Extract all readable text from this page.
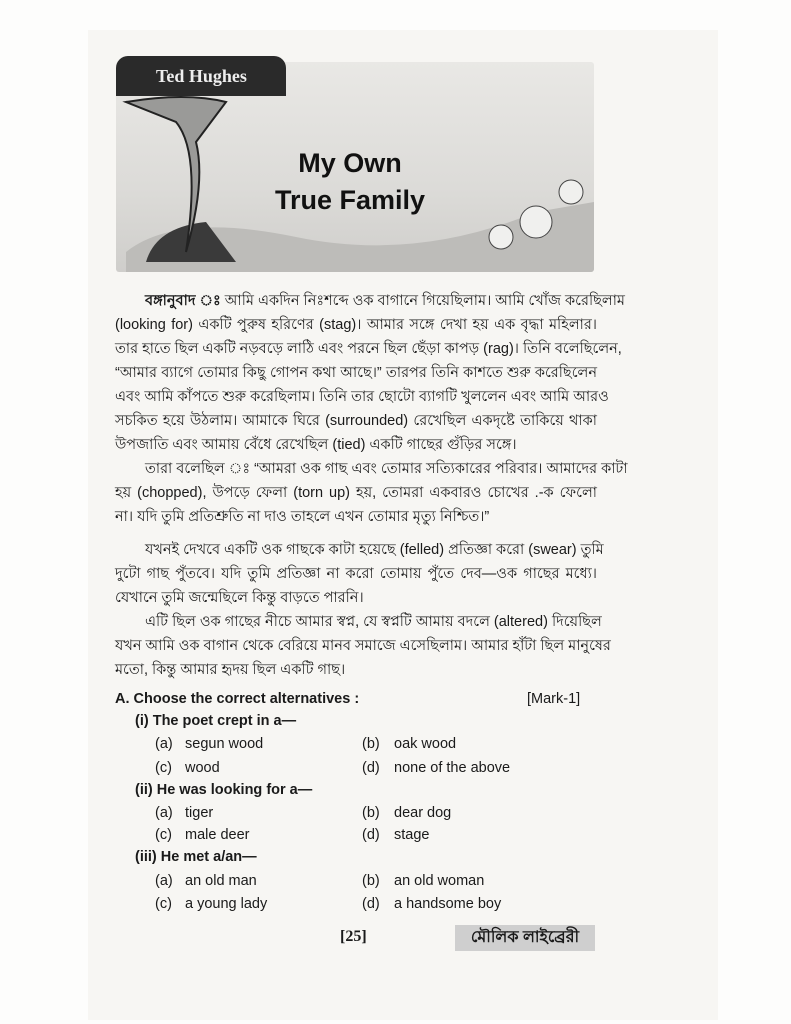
Ted Hughes
My Own
True Family
বঙ্গানুবাদ ঃ আমি একদিন নিঃশব্দে ওক বাগানে গিয়েছিলাম। আমি খোঁজ করেছিলাম
(looking for) একটি পুরুষ হরিণের (stag)। আমার সঙ্গে দেখা হয় এক বৃদ্ধা মহিলার।
তার হাতে ছিল একটি নড়বড়ে লাঠি এবং পরনে ছিল ছেঁড়া কাপড় (rag)। তিনি বলেছিলেন,
“আমার ব্যাগে তোমার কিছু গোপন কথা আছে।” তারপর তিনি কাশতে শুরু করেছিলেন
এবং আমি কাঁপতে শুরু করেছিলাম। তিনি তার ছোটো ব্যাগটি খুললেন এবং আমি আরও
সচকিত হয়ে উঠলাম। আমাকে ঘিরে (surrounded) রেখেছিল একদৃষ্টে তাকিয়ে থাকা
উপজাতি এবং আমায় বেঁধে রেখেছিল (tied) একটি গাছের গুঁড়ির সঙ্গে।
তারা বলেছিল ঃ “আমরা ওক গাছ এবং তোমার সত্যিকারের পরিবার। আমাদের কাটা
হয় (chopped), উপড়ে ফেলা (torn up) হয়, তোমরা একবারও চোখের .-ক ফেলো
না। যদি তুমি প্রতিশ্রুতি না দাও তাহলে এখন তোমার মৃত্যু নিশ্চিত।”
যখনই দেখবে একটি ওক গাছকে কাটা হয়েছে (felled) প্রতিজ্ঞা করো (swear) তুমি
দুটো গাছ পুঁতবে। যদি তুমি প্রতিজ্ঞা না করো তোমায় পুঁতে দেব—ওক গাছের মধ্যে।
যেখানে তুমি জন্মেছিলে কিন্তু বাড়তে পারনি।
এটি ছিল ওক গাছের নীচে আমার স্বপ্ন, যে স্বপ্নটি আমায় বদলে (altered) দিয়েছিল
যখন আমি ওক বাগান থেকে বেরিয়ে মানব সমাজে এসেছিলাম। আমার হাঁটা ছিল মানুষের
মতো, কিন্তু আমার হৃদয় ছিল একটি গাছ।
A. Choose the correct alternatives :	[Mark-1]
(i) The poet crept in a—
(a) segun wood	(b) oak wood
(c) wood	(d) none of the above
(ii) He was looking for a—
(a) tiger	(b) dear dog
(c) male deer	(d) stage
(iii) He met a/an—
(a) an old man	(b) an old woman
(c) a young lady	(d) a handsome boy
[25]	মৌলিক লাইব্রেরী
